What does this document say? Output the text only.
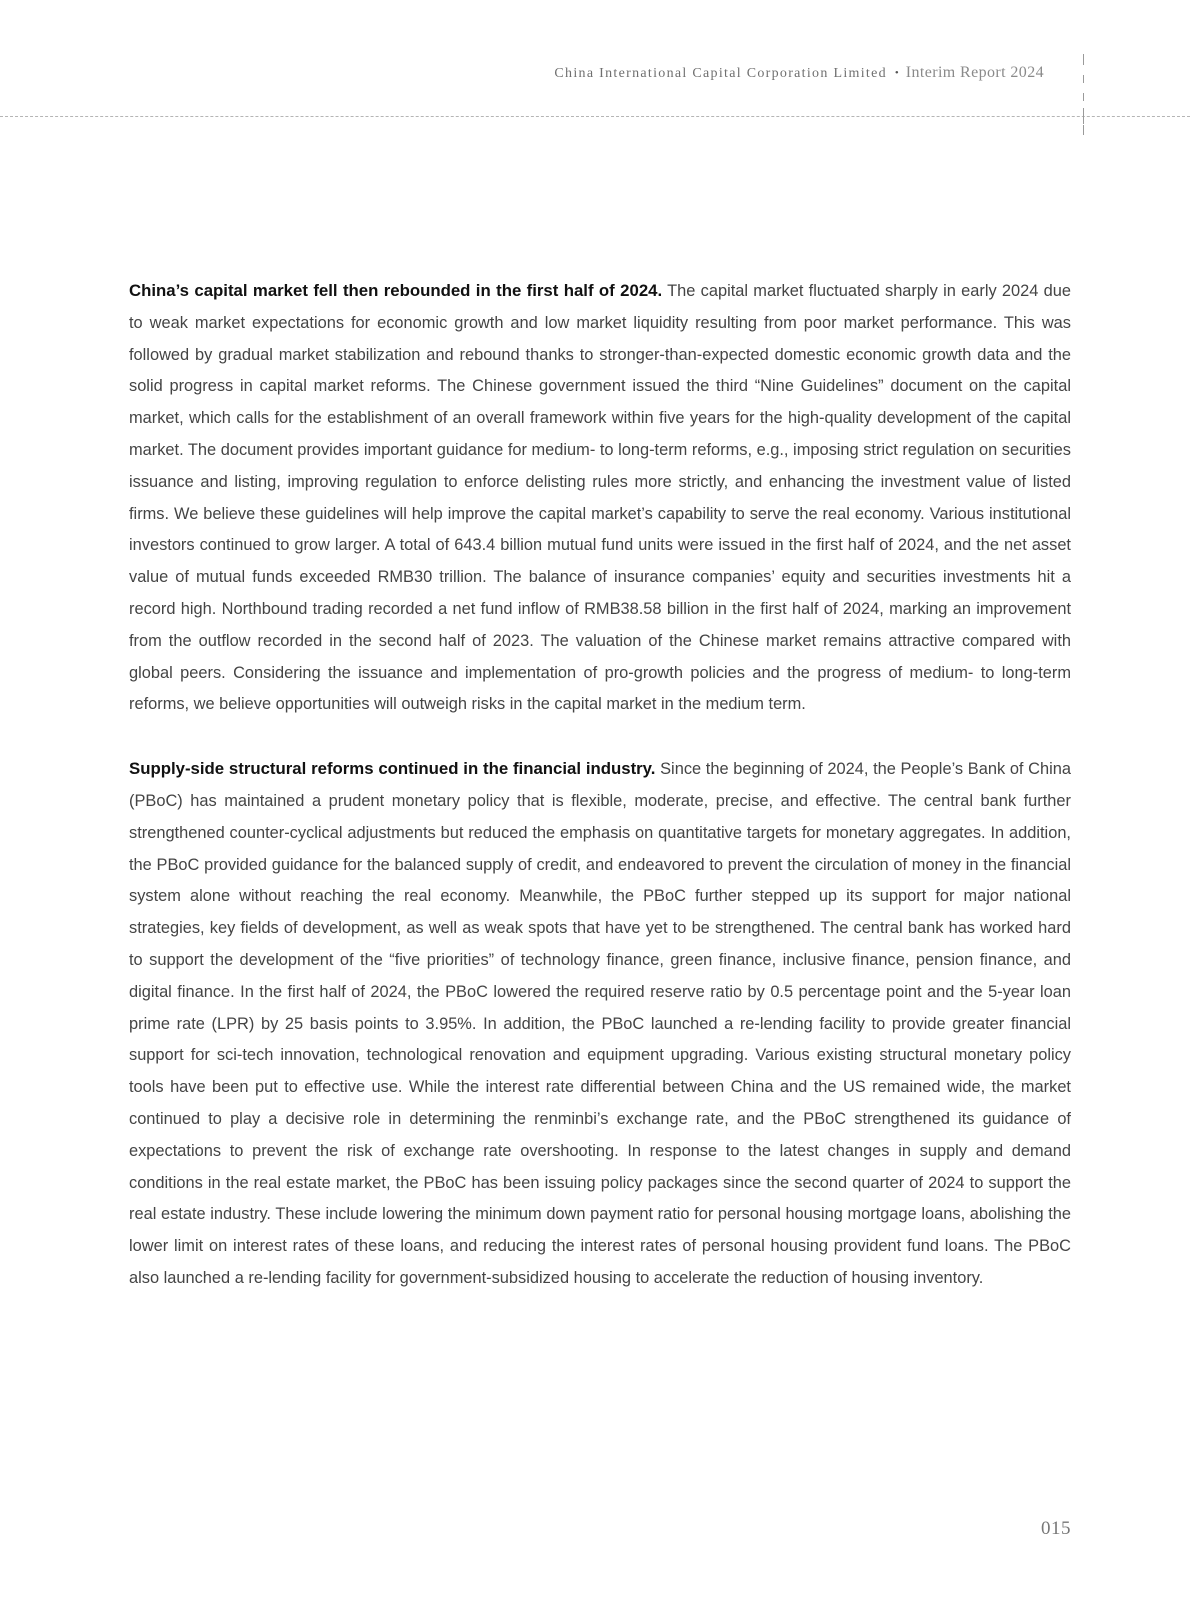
China International Capital Corporation Limited • Interim Report 2024

China’s capital market fell then rebounded in the first half of 2024. The capital market fluctuated sharply in early 2024 due to weak market expectations for economic growth and low market liquidity resulting from poor market performance. This was followed by gradual market stabilization and rebound thanks to stronger-than-expected domestic economic growth data and the solid progress in capital market reforms. The Chinese government issued the third “Nine Guidelines” document on the capital market, which calls for the establishment of an overall framework within five years for the high-quality development of the capital market. The document provides important guidance for medium- to long-term reforms, e.g., imposing strict regulation on securities issuance and listing, improving regulation to enforce delisting rules more strictly, and enhancing the investment value of listed firms. We believe these guidelines will help improve the capital market’s capability to serve the real economy. Various institutional investors continued to grow larger. A total of 643.4 billion mutual fund units were issued in the first half of 2024, and the net asset value of mutual funds exceeded RMB30 trillion. The balance of insurance companies’ equity and securities investments hit a record high. Northbound trading recorded a net fund inflow of RMB38.58 billion in the first half of 2024, marking an improvement from the outflow recorded in the second half of 2023. The valuation of the Chinese market remains attractive compared with global peers. Considering the issuance and implementation of pro-growth policies and the progress of medium- to long-term reforms, we believe opportunities will outweigh risks in the capital market in the medium term.

Supply-side structural reforms continued in the financial industry. Since the beginning of 2024, the People’s Bank of China (PBoC) has maintained a prudent monetary policy that is flexible, moderate, precise, and effective. The central bank further strengthened counter-cyclical adjustments but reduced the emphasis on quantitative targets for monetary aggregates. In addition, the PBoC provided guidance for the balanced supply of credit, and endeavored to prevent the circulation of money in the financial system alone without reaching the real economy. Meanwhile, the PBoC further stepped up its support for major national strategies, key fields of development, as well as weak spots that have yet to be strengthened. The central bank has worked hard to support the development of the “five priorities” of technology finance, green finance, inclusive finance, pension finance, and digital finance. In the first half of 2024, the PBoC lowered the required reserve ratio by 0.5 percentage point and the 5-year loan prime rate (LPR) by 25 basis points to 3.95%. In addition, the PBoC launched a re-lending facility to provide greater financial support for sci-tech innovation, technological renovation and equipment upgrading. Various existing structural monetary policy tools have been put to effective use. While the interest rate differential between China and the US remained wide, the market continued to play a decisive role in determining the renminbi’s exchange rate, and the PBoC strengthened its guidance of expectations to prevent the risk of exchange rate overshooting. In response to the latest changes in supply and demand conditions in the real estate market, the PBoC has been issuing policy packages since the second quarter of 2024 to support the real estate industry. These include lowering the minimum down payment ratio for personal housing mortgage loans, abolishing the lower limit on interest rates of these loans, and reducing the interest rates of personal housing provident fund loans. The PBoC also launched a re-lending facility for government-subsidized housing to accelerate the reduction of housing inventory.

015
